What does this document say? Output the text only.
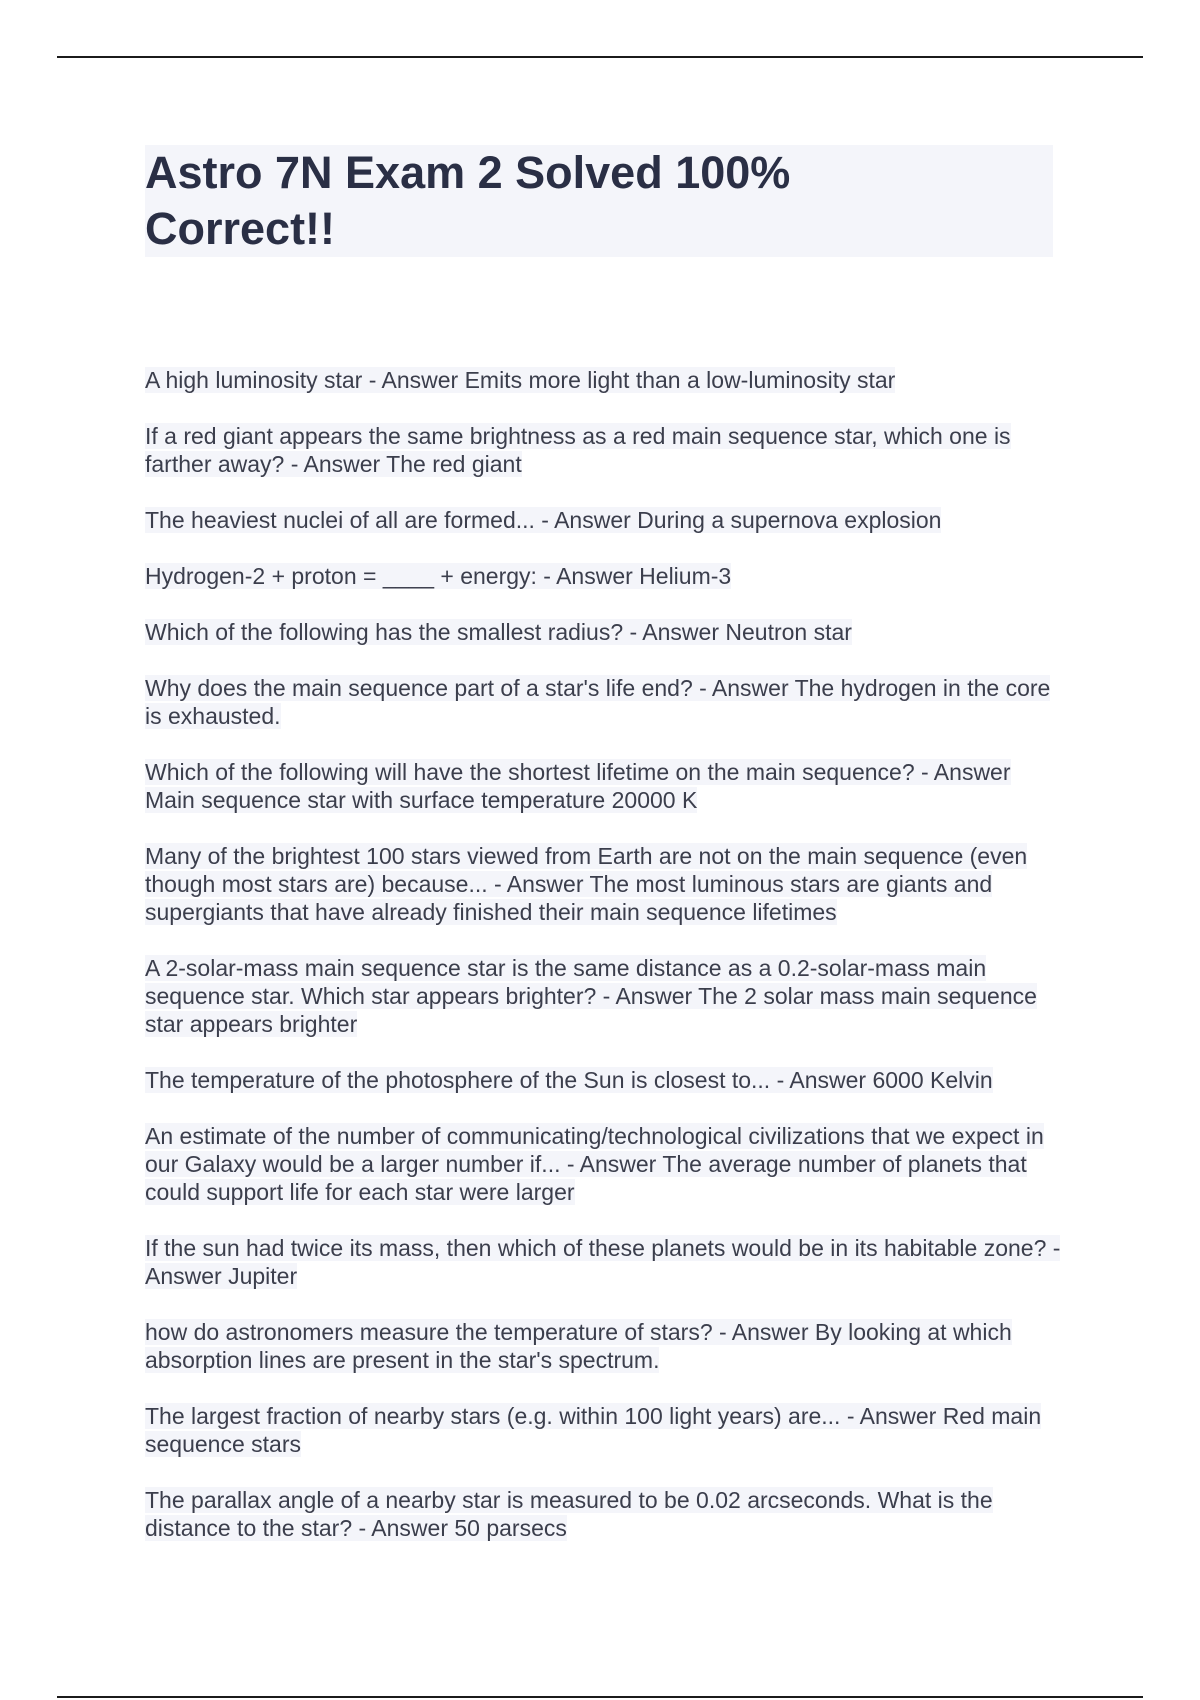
Astro 7N Exam 2 Solved 100% Correct!!

A high luminosity star - Answer Emits more light than a low-luminosity star

If a red giant appears the same brightness as a red main sequence star, which one is farther away? - Answer The red giant

The heaviest nuclei of all are formed... - Answer During a supernova explosion

Hydrogen-2 + proton = ____ + energy: - Answer Helium-3

Which of the following has the smallest radius? - Answer Neutron star

Why does the main sequence part of a star's life end? - Answer The hydrogen in the core is exhausted.

Which of the following will have the shortest lifetime on the main sequence? - Answer Main sequence star with surface temperature 20000 K

Many of the brightest 100 stars viewed from Earth are not on the main sequence (even though most stars are) because... - Answer The most luminous stars are giants and supergiants that have already finished their main sequence lifetimes

A 2-solar-mass main sequence star is the same distance as a 0.2-solar-mass main sequence star. Which star appears brighter? - Answer The 2 solar mass main sequence star appears brighter

The temperature of the photosphere of the Sun is closest to... - Answer 6000 Kelvin

An estimate of the number of communicating/technological civilizations that we expect in our Galaxy would be a larger number if... - Answer The average number of planets that could support life for each star were larger

If the sun had twice its mass, then which of these planets would be in its habitable zone? - Answer Jupiter

how do astronomers measure the temperature of stars? - Answer By looking at which absorption lines are present in the star's spectrum.

The largest fraction of nearby stars (e.g. within 100 light years) are... - Answer Red main sequence stars

The parallax angle of a nearby star is measured to be 0.02 arcseconds. What is the distance to the star? - Answer 50 parsecs
